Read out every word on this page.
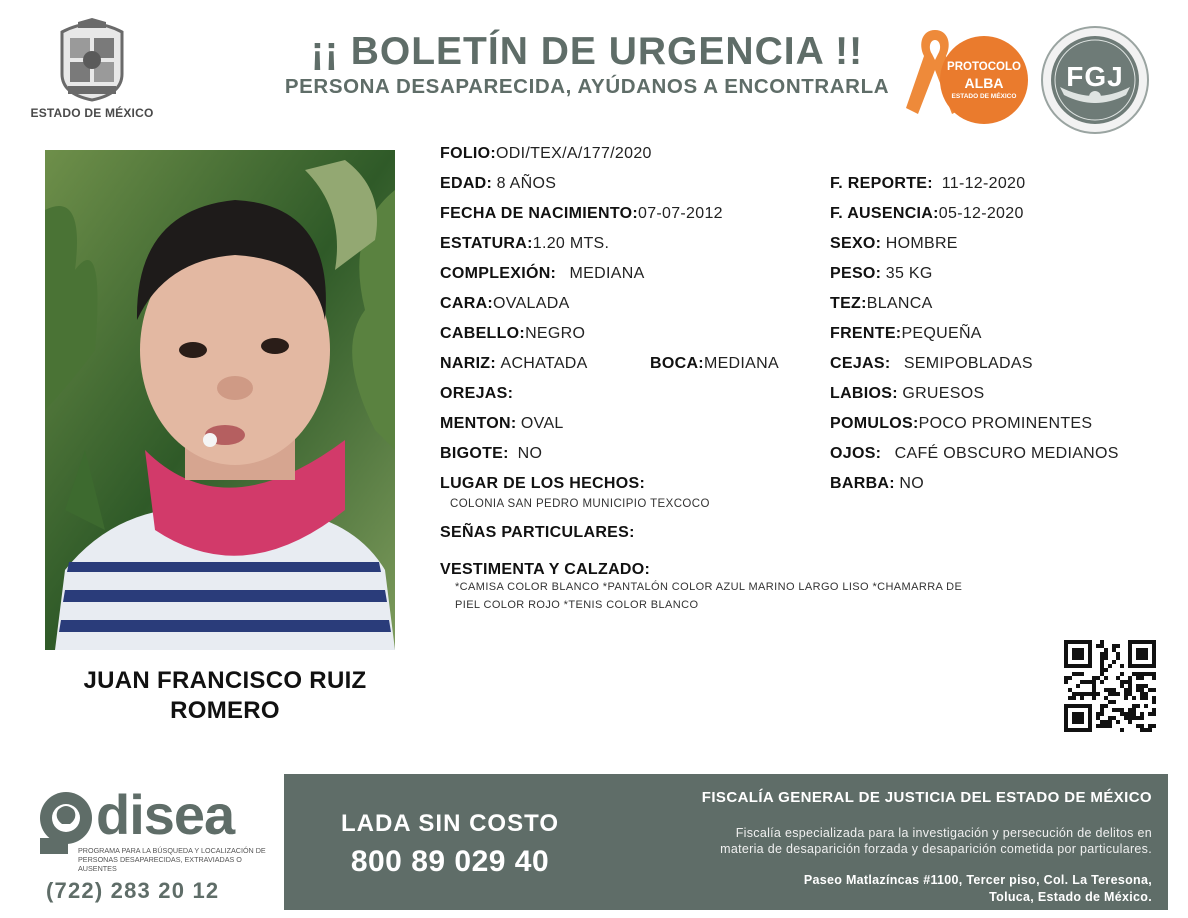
ESTADO DE MÉXICO
¡¡ BOLETÍN DE URGENCIA !!
PERSONA DESAPARECIDA, AYÚDANOS A ENCONTRARLA
PROTOCOLO
ALBA
ESTADO DE MÉXICO
FGJ
JUAN FRANCISCO RUIZ
ROMERO
FOLIO:ODI/TEX/A/177/2020
EDAD: 8 AÑOS
FECHA DE NACIMIENTO:07-07-2012
ESTATURA:1.20 MTS.
COMPLEXIÓN: MEDIANA
CARA:OVALADA
CABELLO:NEGRO
NARIZ: ACHATADA	BOCA:MEDIANA
OREJAS:
MENTON: OVAL
BIGOTE: NO
LUGAR DE LOS HECHOS:
COLONIA SAN PEDRO MUNICIPIO TEXCOCO
SEÑAS PARTICULARES:
VESTIMENTA Y CALZADO:
*CAMISA COLOR BLANCO *PANTALÓN COLOR AZUL MARINO LARGO LISO *CHAMARRA DE
PIEL COLOR ROJO *TENIS COLOR BLANCO
F. REPORTE: 11-12-2020
F. AUSENCIA:05-12-2020
SEXO: HOMBRE
PESO: 35 KG
TEZ:BLANCA
FRENTE:PEQUEÑA
CEJAS: SEMIPOBLADAS
LABIOS: GRUESOS
POMULOS:POCO PROMINENTES
OJOS: CAFÉ OBSCURO MEDIANOS
BARBA: NO
disea
PROGRAMA PARA LA BÚSQUEDA Y LOCALIZACIÓN DE PERSONAS DESAPARECIDAS, EXTRAVIADAS O AUSENTES
(722) 283 20 12
LADA SIN COSTO
800 89 029 40
FISCALÍA GENERAL DE JUSTICIA DEL ESTADO DE MÉXICO
Fiscalía especializada para la investigación y persecución de delitos en
materia de desaparición forzada y desaparición cometida por particulares.
Paseo Matlazíncas #1100, Tercer piso, Col. La Teresona,
Toluca, Estado de México.
